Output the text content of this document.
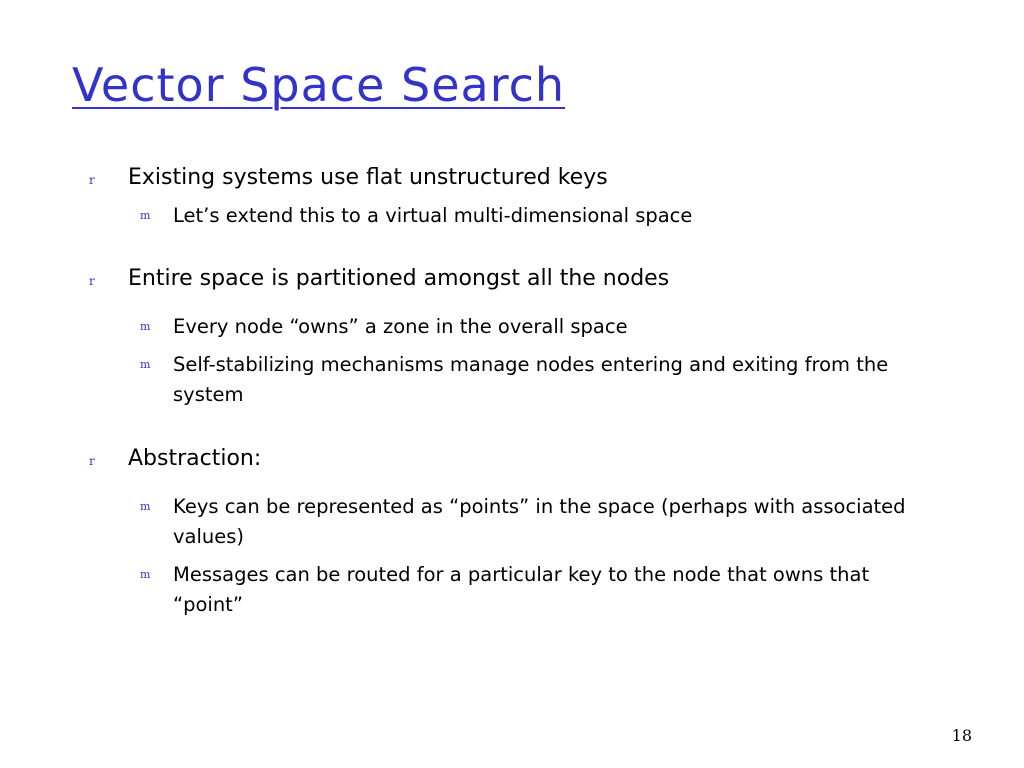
Vector Space Search
r Existing systems use flat unstructured keys
m Let’s extend this to a virtual multi-dimensional space
r Entire space is partitioned amongst all the nodes
m Every node “owns” a zone in the overall space
m Self-stabilizing mechanisms manage nodes entering and exiting from the system
r Abstraction:
m Keys can be represented as “points” in the space (perhaps with associated values)
m Messages can be routed for a particular key to the node that owns that “point”
18
